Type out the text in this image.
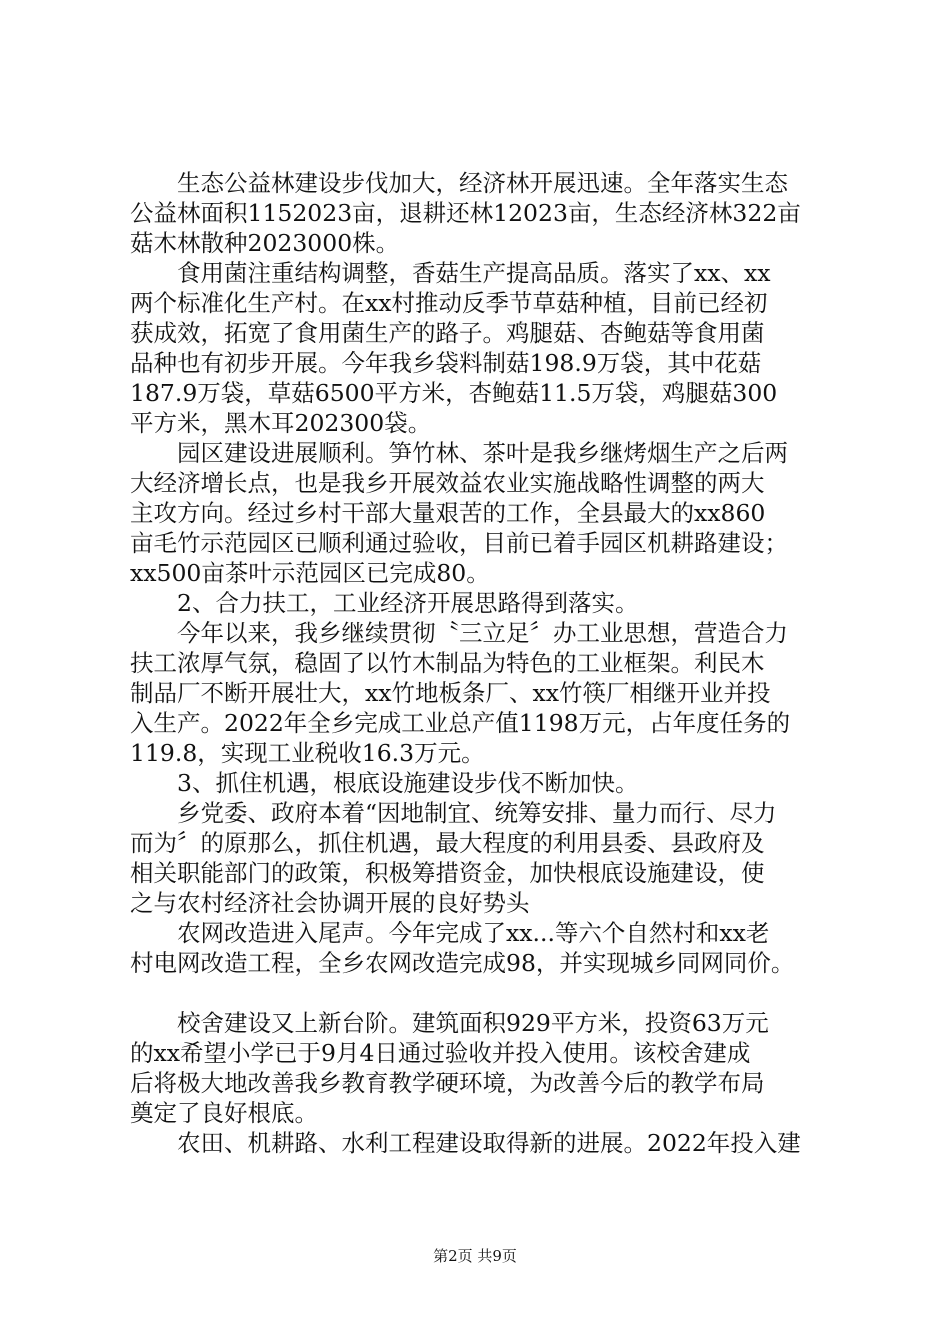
生态公益林建设步伐加大，经济林开展迅速。全年落实生态
公益林面积1152023亩，退耕还林12023亩，生态经济林322亩
菇木林散种2023000株。

食用菌注重结构调整，香菇生产提高品质。落实了xx、xx
两个标准化生产村。在xx村推动反季节草菇种植，目前已经初
获成效，拓宽了食用菌生产的路子。鸡腿菇、杏鲍菇等食用菌
品种也有初步开展。今年我乡袋料制菇198.9万袋，其中花菇
187.9万袋，草菇6500平方米，杏鲍菇11.5万袋，鸡腿菇300
平方米，黑木耳202300袋。

园区建设进展顺利。笋竹林、茶叶是我乡继烤烟生产之后两
大经济增长点，也是我乡开展效益农业实施战略性调整的两大
主攻方向。经过乡村干部大量艰苦的工作，全县最大的xx860
亩毛竹示范园区已顺利通过验收，目前已着手园区机耕路建设；
xx500亩茶叶示范园区已完成80。

2、合力扶工，工业经济开展思路得到落实。

今年以来，我乡继续贯彻〝三立足〞办工业思想，营造合力
扶工浓厚气氛，稳固了以竹木制品为特色的工业框架。利民木
制品厂不断开展壮大，xx竹地板条厂、xx竹筷厂相继开业并投
入生产。2022年全乡完成工业总产值1198万元，占年度任务的
119.8，实现工业税收16.3万元。

3、抓住机遇，根底设施建设步伐不断加快。

乡党委、政府本着“因地制宜、统筹安排、量力而行、尽力
而为〞的原那么，抓住机遇，最大程度的利用县委、县政府及
相关职能部门的政策，积极筹措资金，加快根底设施建设，使
之与农村经济社会协调开展的良好势头

农网改造进入尾声。今年完成了xx...等六个自然村和xx老
村电网改造工程，全乡农网改造完成98，并实现城乡同网同价。

校舍建设又上新台阶。建筑面积929平方米，投资63万元
的xx希望小学已于9月4日通过验收并投入使用。该校舍建成
后将极大地改善我乡教育教学硬环境，为改善今后的教学布局
奠定了良好根底。

农田、机耕路、水利工程建设取得新的进展。2022年投入建

第2页 共9页
